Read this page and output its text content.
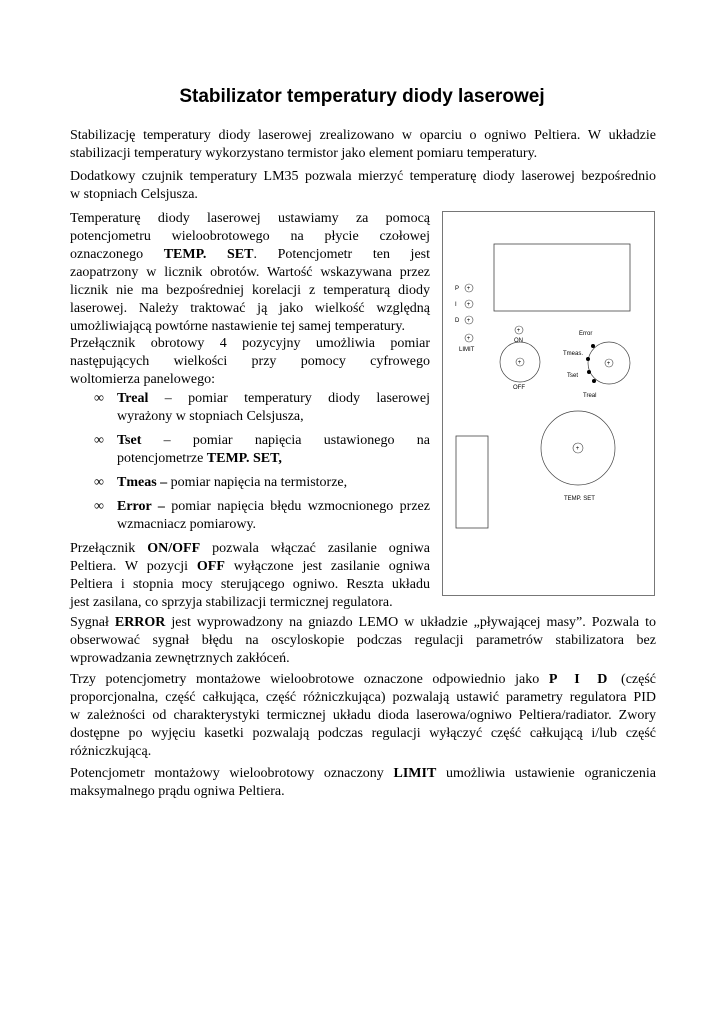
Stabilizator temperatury diody laserowej
Stabilizację temperatury diody laserowej zrealizowano w oparciu o ogniwo Peltiera. W układzie
stabilizacji temperatury wykorzystano termistor jako element pomiaru temperatury.
Dodatkowy czujnik temperatury LM35 pozwala mierzyć temperaturę diody laserowej bezpośrednio
w stopniach Celsjusza.
Temperaturę diody laserowej ustawiamy za pomocą
potencjometru wieloobrotowego na płycie czołowej
oznaczonego TEMP. SET. Potencjometr ten jest
zaopatrzony w licznik obrotów. Wartość wskazywana przez
licznik nie ma bezpośredniej korelacji z temperaturą diody
laserowej. Należy traktować ją jako wielkość względną
umożliwiającą powtórne nastawienie tej samej temperatury.
Przełącznik obrotowy 4 pozycyjny umożliwia pomiar
następujących wielkości przy pomocy cyfrowego
woltomierza panelowego:
∞ Treal – pomiar temperatury diody laserowej
wyrażony w stopniach Celsjusza,
∞ Tset – pomiar napięcia ustawionego na
potencjometrze TEMP. SET,
∞ Tmeas – pomiar napięcia na termistorze,
∞ Error – pomiar napięcia błędu wzmocnionego przez
wzmacniacz pomiarowy.
Przełącznik ON/OFF pozwala włączać zasilanie ogniwa
Peltiera. W pozycji OFF wyłączone jest zasilanie ogniwa
Peltiera i stopnia mocy sterującego ogniwo. Reszta układu
jest zasilana, co sprzyja stabilizacji termicznej regulatora.
Sygnał ERROR jest wyprowadzony na gniazdo LEMO w układzie „pływającej masy”. Pozwala to
obserwować sygnał błędu na oscyloskopie podczas regulacji parametrów stabilizatora bez
wprowadzania zewnętrznych zakłóceń.
Trzy potencjometry montażowe wieloobrotowe oznaczone odpowiednio jako P I D (część
proporcjonalna, część całkująca, część różniczkująca) pozwalają ustawić parametry regulatora PID
w zależności od charakterystyki termicznej układu dioda laserowa/ogniwo Peltiera/radiator. Zwory
dostępne po wyjęciu kasetki pozwalają podczas regulacji wyłączyć część całkującą i/lub część
różniczkującą.
Potencjometr montażowy wieloobrotowy oznaczony LIMIT umożliwia ustawienie ograniczenia
maksymalnego prądu ogniwa Peltiera.
P +
I +
D +
+
LIMIT
+
ON
+
OFF
Error
Tmeas.
Tset
Treal
+
+
TEMP. SET
